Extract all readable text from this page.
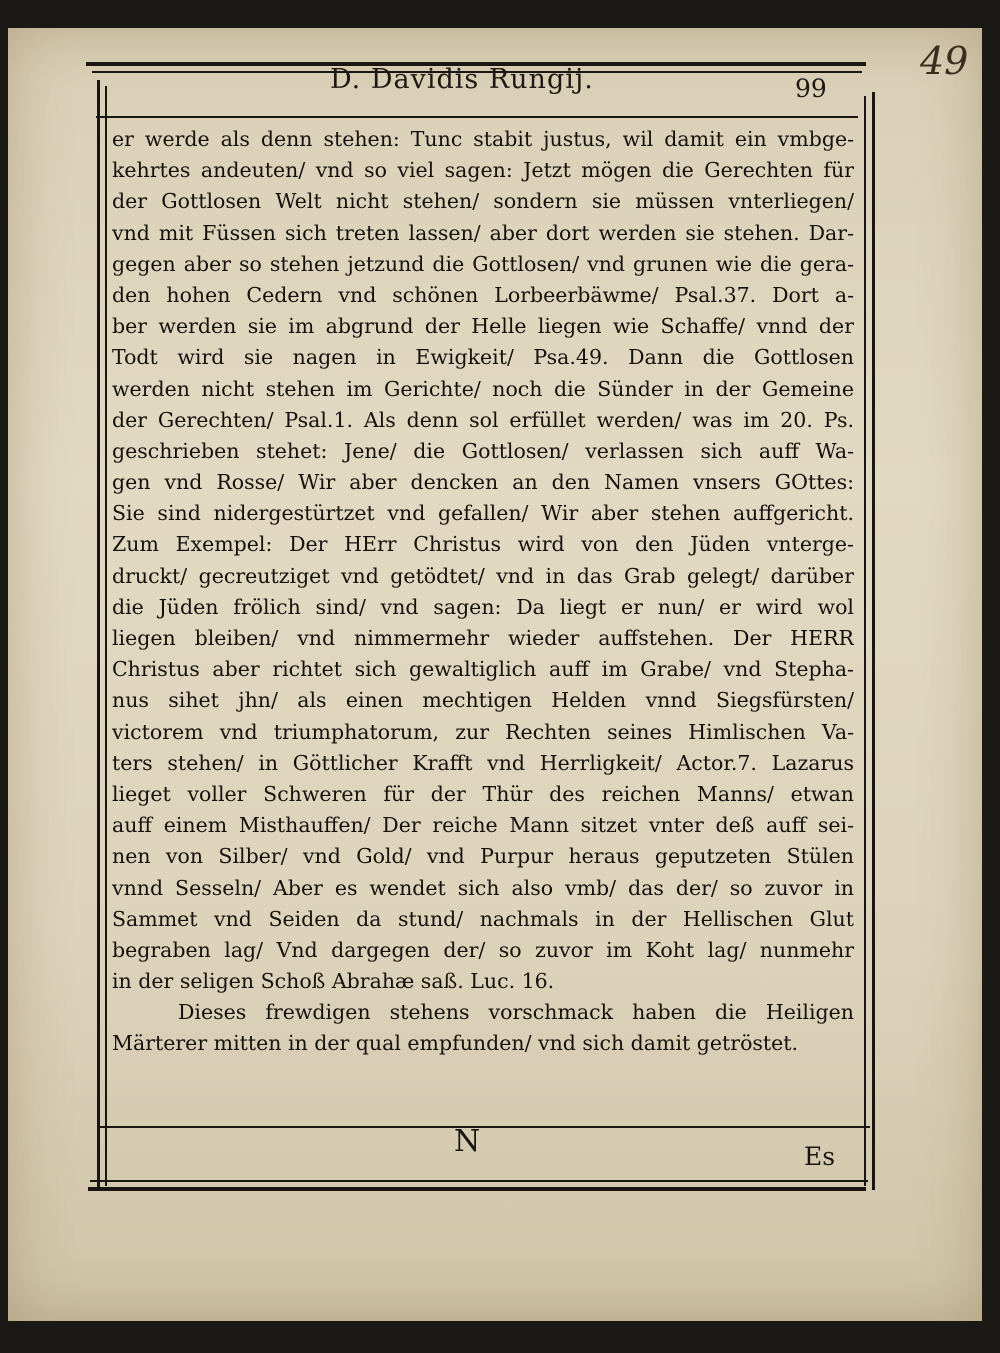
49
D. Davidis Rungij.	99
er werde als denn stehen: Tunc stabit justus, wil damit ein vmbge-
kehrtes andeuten/ vnd so viel sagen: Jetzt mögen die Gerechten für
der Gottlosen Welt nicht stehen/ sondern sie müssen vnterliegen/
vnd mit Füssen sich treten lassen/ aber dort werden sie stehen. Dar-
gegen aber so stehen jetzund die Gottlosen/ vnd grunen wie die gera-
den hohen Cedern vnd schönen Lorbeerbäwme/ Psal.37. Dort a-
ber werden sie im abgrund der Helle liegen wie Schaffe/ vnnd der
Todt wird sie nagen in Ewigkeit/ Psa.49. Dann die Gottlosen
werden nicht stehen im Gerichte/ noch die Sünder in der Gemeine
der Gerechten/ Psal.1. Als denn sol erfüllet werden/ was im 20. Ps.
geschrieben stehet: Jene/ die Gottlosen/ verlassen sich auff Wa-
gen vnd Rosse/ Wir aber dencken an den Namen vnsers GOttes:
Sie sind nidergestürtzet vnd gefallen/ Wir aber stehen auffgericht.
Zum Exempel: Der HErr Christus wird von den Jüden vnterge-
druckt/ gecreutziget vnd getödtet/ vnd in das Grab gelegt/ darüber
die Jüden frölich sind/ vnd sagen: Da liegt er nun/ er wird wol
liegen bleiben/ vnd nimmermehr wieder auffstehen. Der HERR
Christus aber richtet sich gewaltiglich auff im Grabe/ vnd Stepha-
nus sihet jhn/ als einen mechtigen Helden vnnd Siegsfürsten/
victorem vnd triumphatorum, zur Rechten seines Himlischen Va-
ters stehen/ in Göttlicher Krafft vnd Herrligkeit/ Actor.7. Lazarus
lieget voller Schweren für der Thür des reichen Manns/ etwan
auff einem Misthauffen/ Der reiche Mann sitzet vnter deß auff sei-
nen von Silber/ vnd Gold/ vnd Purpur heraus geputzeten Stülen
vnnd Sesseln/ Aber es wendet sich also vmb/ das der/ so zuvor in
Sammet vnd Seiden da stund/ nachmals in der Hellischen Glut
begraben lag/ Vnd dargegen der/ so zuvor im Koht lag/ nunmehr
in der seligen Schoß Abrahæ saß. Luc. 16.
Dieses frewdigen stehens vorschmack haben die Heiligen
Märterer mitten in der qual empfunden/ vnd sich damit getröstet.
N	Es
